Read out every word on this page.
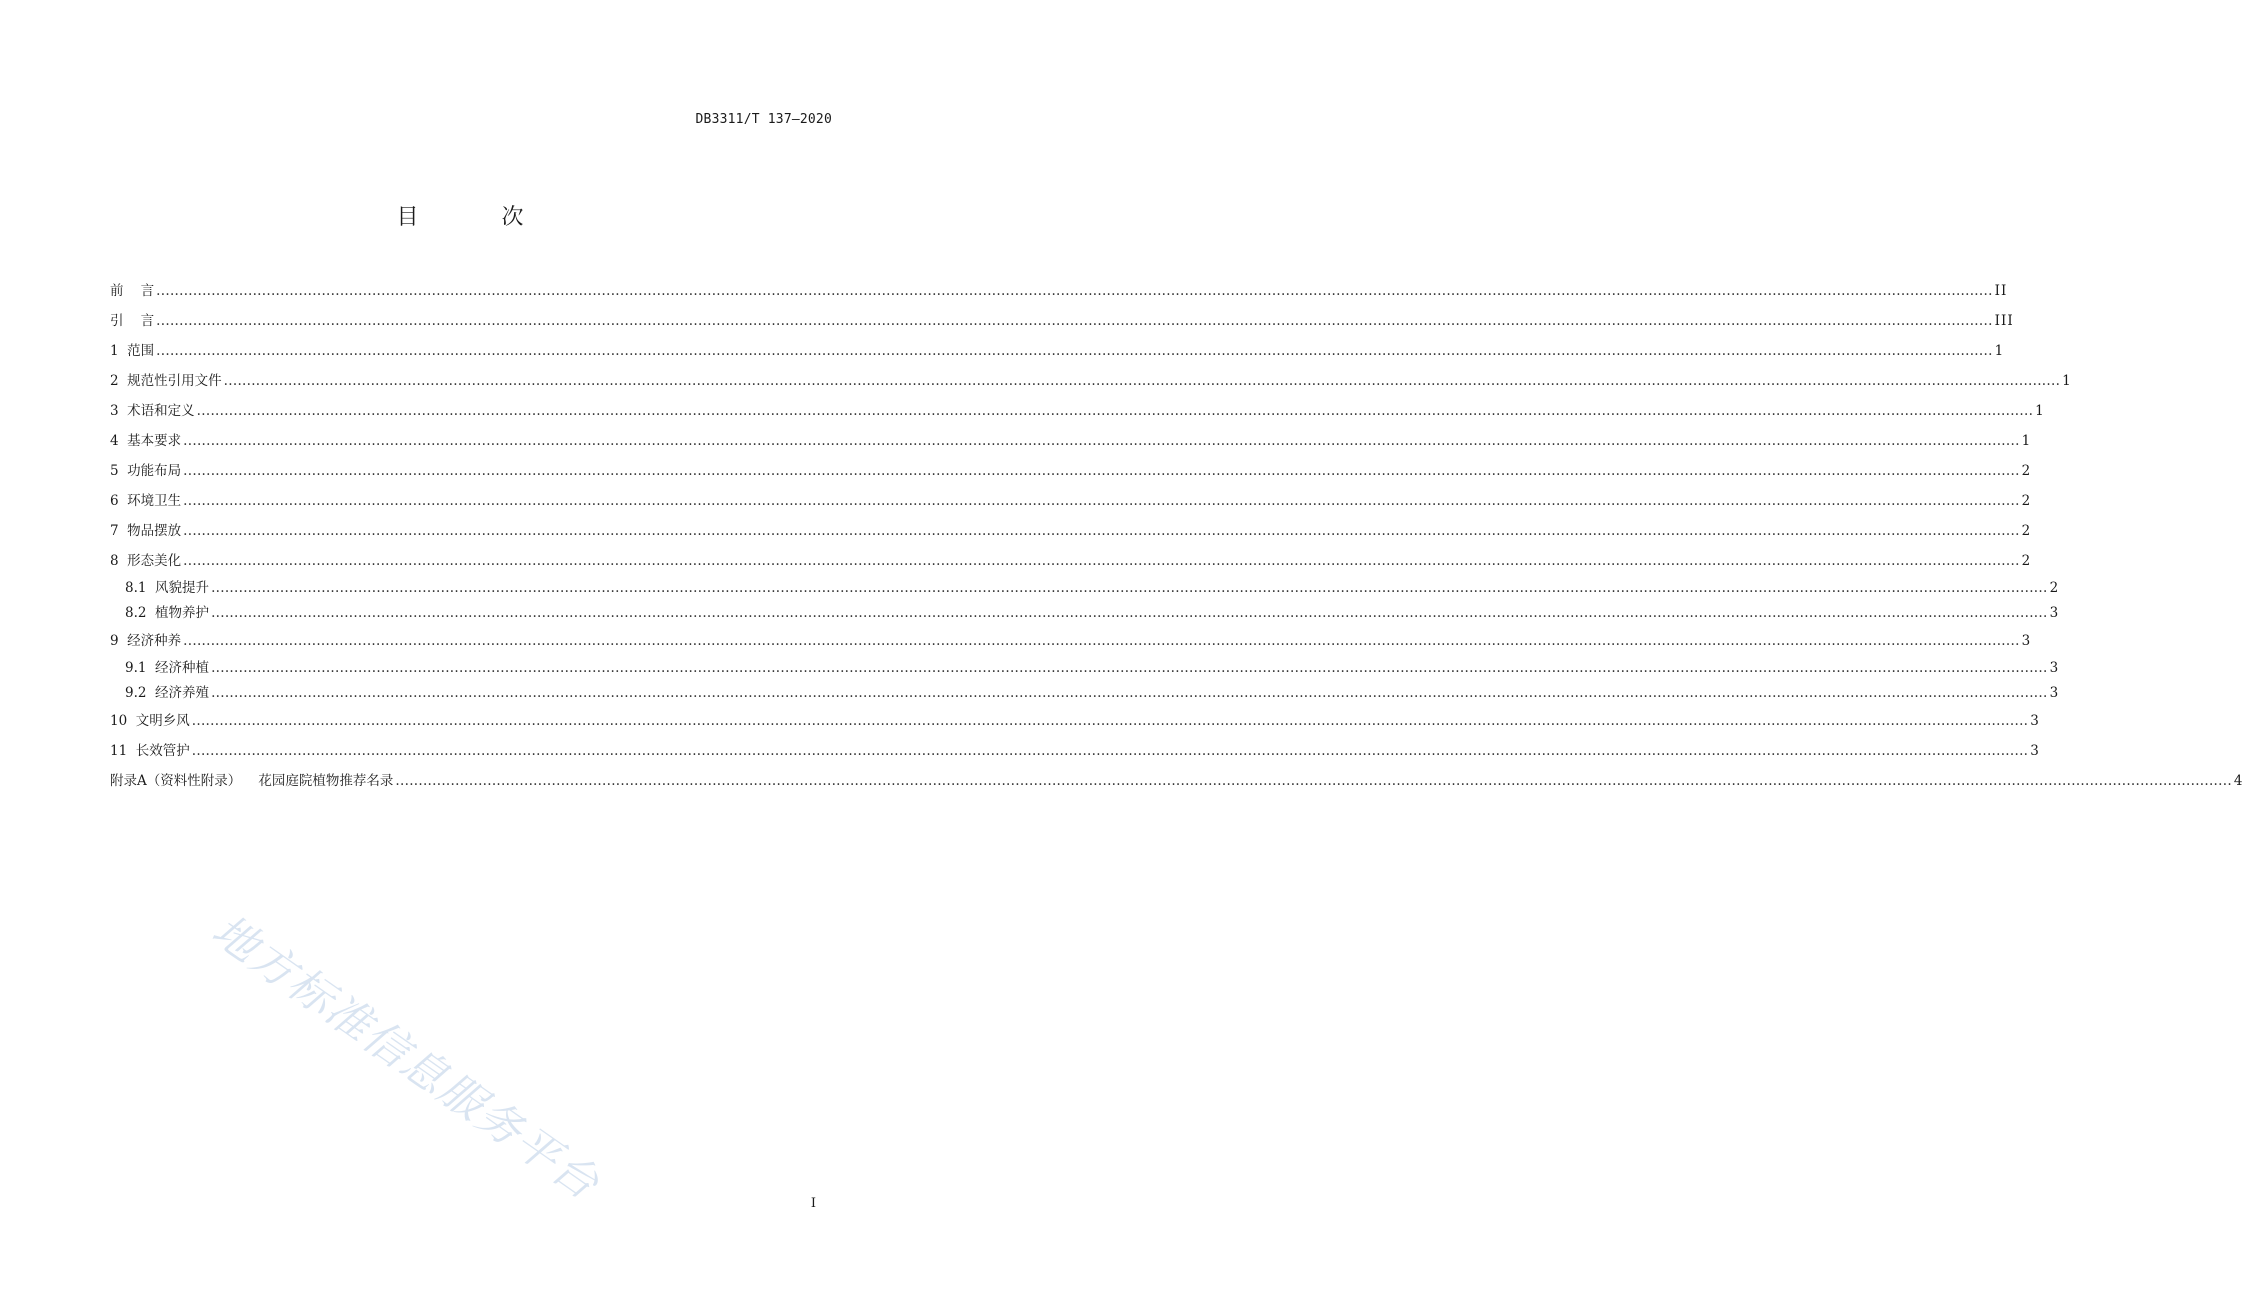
DB3311/T 137—2020
目 次
前    言 ................................................................................................................................................................................................................................................................................................................................................................................................................ II
引    言 ................................................................................................................................................................................................................................................................................................................................................................................................................ III
1  范围 ................................................................................................................................................................................................................................................................................................................................................................................................................ 1
2  规范性引用文件 ................................................................................................................................................................................................................................................................................................................................................................................................................ 1
3  术语和定义 ................................................................................................................................................................................................................................................................................................................................................................................................................ 1
4  基本要求 ................................................................................................................................................................................................................................................................................................................................................................................................................ 1
5  功能布局 ................................................................................................................................................................................................................................................................................................................................................................................................................ 2
6  环境卫生 ................................................................................................................................................................................................................................................................................................................................................................................................................ 2
7  物品摆放 ................................................................................................................................................................................................................................................................................................................................................................................................................ 2
8  形态美化 ................................................................................................................................................................................................................................................................................................................................................................................................................ 2
8.1  风貌提升 ................................................................................................................................................................................................................................................................................................................................................................................................................ 2
8.2  植物养护 ................................................................................................................................................................................................................................................................................................................................................................................................................ 3
9  经济种养 ................................................................................................................................................................................................................................................................................................................................................................................................................ 3
9.1  经济种植 ................................................................................................................................................................................................................................................................................................................................................................................................................ 3
9.2  经济养殖 ................................................................................................................................................................................................................................................................................................................................................................................................................ 3
10  文明乡风 ................................................................................................................................................................................................................................................................................................................................................................................................................ 3
11  长效管护 ................................................................................................................................................................................................................................................................................................................................................................................................................ 3
附录A（资料性附录）    花园庭院植物推荐名录 ................................................................................................................................................................................................................................................................................................................................................................................................................ 4
I
地方标准信息服务平台
